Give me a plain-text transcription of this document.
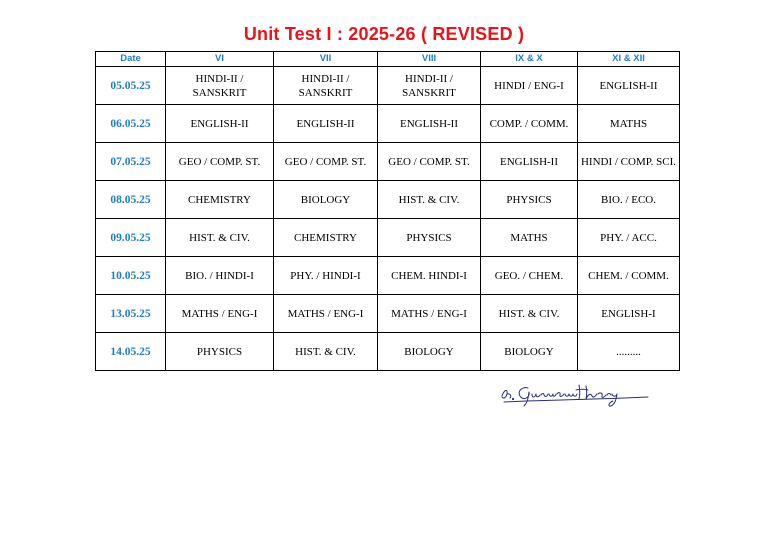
Unit Test I : 2025-26 ( REVISED )
Date	VI	VII	VIII	IX & X	XI & XII
05.05.25	HINDI-II / SANSKRIT	HINDI-II / SANSKRIT	HINDI-II / SANSKRIT	HINDI / ENG-I	ENGLISH-II
06.05.25	ENGLISH-II	ENGLISH-II	ENGLISH-II	COMP. / COMM.	MATHS
07.05.25	GEO / COMP. ST.	GEO / COMP. ST.	GEO / COMP. ST.	ENGLISH-II	HINDI / COMP. SCI.
08.05.25	CHEMISTRY	BIOLOGY	HIST. & CIV.	PHYSICS	BIO. / ECO.
09.05.25	HIST. & CIV.	CHEMISTRY	PHYSICS	MATHS	PHY. / ACC.
10.05.25	BIO. / HINDI-I	PHY. / HINDI-I	CHEM. HINDI-I	GEO. / CHEM.	CHEM. / COMM.
13.05.25	MATHS / ENG-I	MATHS / ENG-I	MATHS / ENG-I	HIST. & CIV.	ENGLISH-I
14.05.25	PHYSICS	HIST. & CIV.	BIOLOGY	BIOLOGY	.........
